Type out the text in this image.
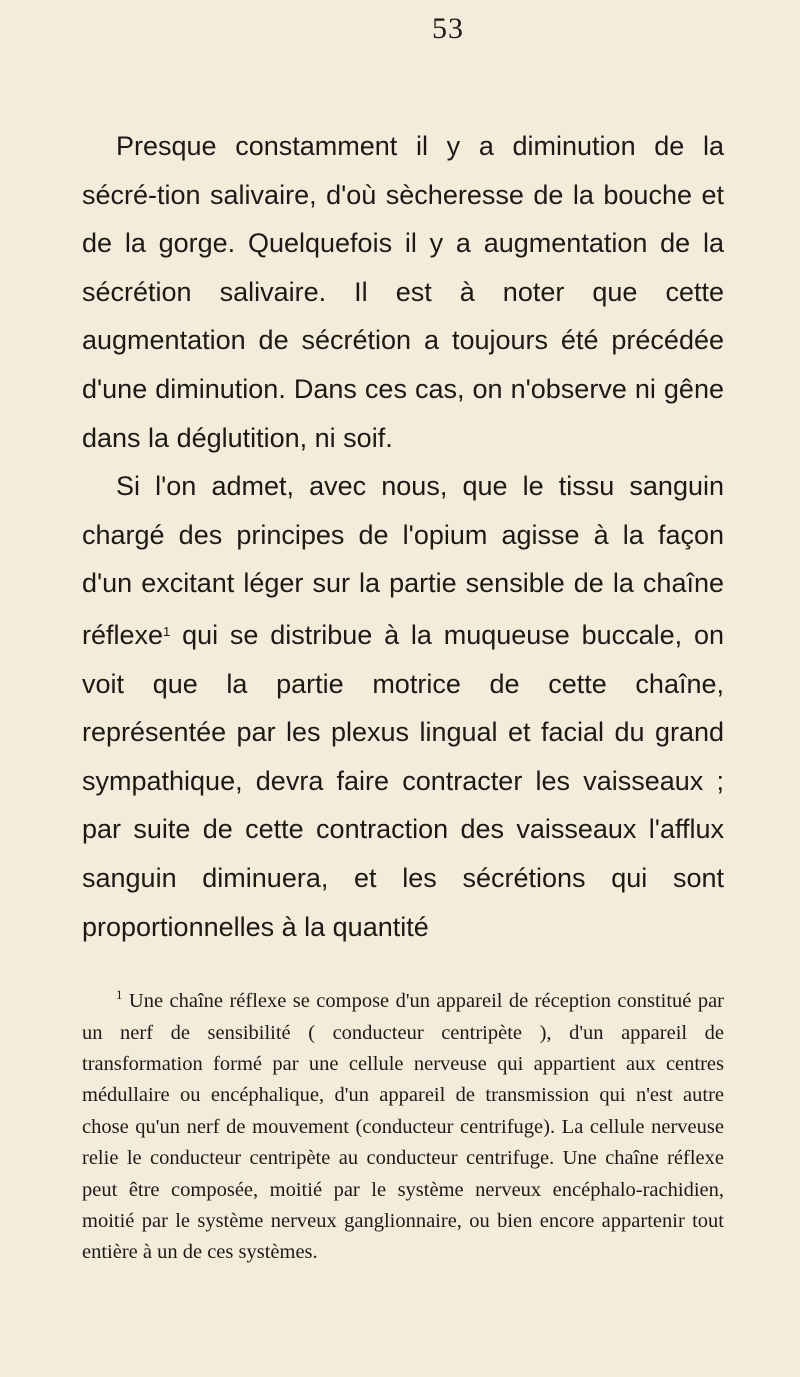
53

Presque constamment il y a diminution de la sécré-tion salivaire, d'où sècheresse de la bouche et de la gorge. Quelquefois il y a augmentation de la sécrétion salivaire. Il est à noter que cette augmentation de sécrétion a toujours été précédée d'une diminution. Dans ces cas, on n'observe ni gêne dans la déglutition, ni soif.

Si l'on admet, avec nous, que le tissu sanguin chargé des principes de l'opium agisse à la façon d'un excitant léger sur la partie sensible de la chaîne réflexe$^1$ qui se distribue à la muqueuse buccale, on voit que la partie motrice de cette chaîne, représentée par les plexus lingual et facial du grand sympathique, devra faire contracter les vaisseaux ; par suite de cette contraction des vaisseaux l'afflux sanguin diminuera, et les sécrétions qui sont proportionnelles à la quantité

$^1$ Une chaîne réflexe se compose d'un appareil de réception constitué par un nerf de sensibilité ( conducteur centripète ), d'un appareil de transformation formé par une cellule nerveuse qui appartient aux centres médullaire ou encéphalique, d'un appareil de transmission qui n'est autre chose qu'un nerf de mouvement (conducteur centrifuge). La cellule nerveuse relie le conducteur centripète au conducteur centrifuge. Une chaîne réflexe peut être composée, moitié par le système nerveux encéphalo-rachidien, moitié par le système nerveux ganglionnaire, ou bien encore appartenir tout entière à un de ces systèmes.
